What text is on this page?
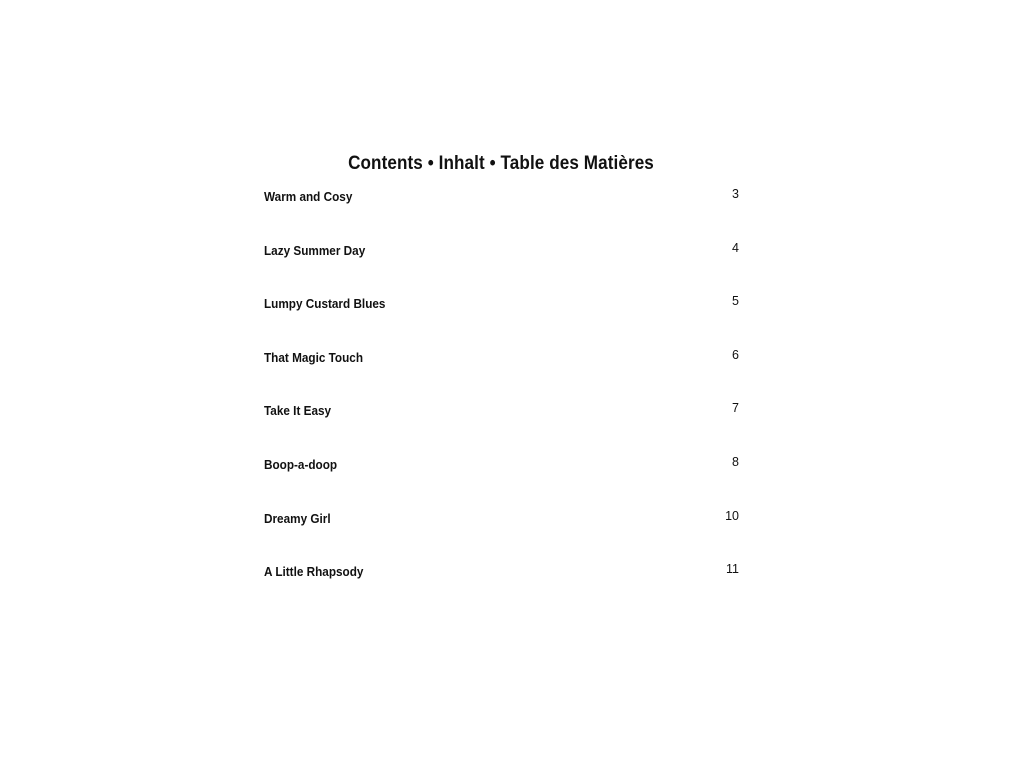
Contents • Inhalt • Table des Matières
Warm and Cosy	3
Lazy Summer Day	4
Lumpy Custard Blues	5
That Magic Touch	6
Take It Easy	7
Boop-a-doop	8
Dreamy Girl	10
A Little Rhapsody	11
